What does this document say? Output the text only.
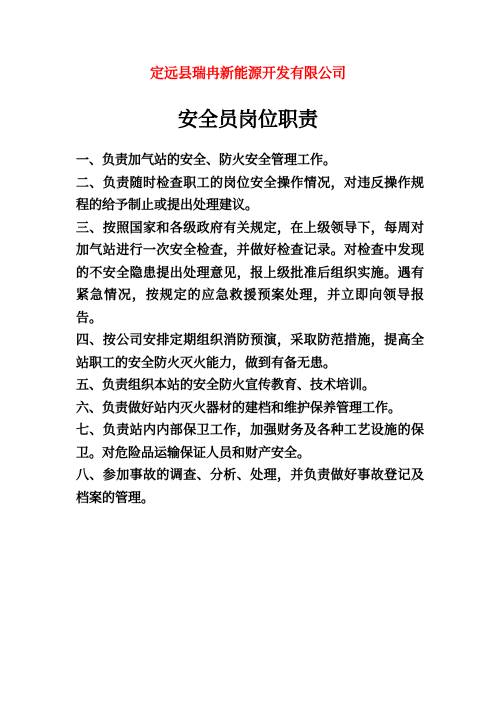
定远县瑞冉新能源开发有限公司
安全员岗位职责
一、负责加气站的安全、防火安全管理工作。
二、负责随时检查职工的岗位安全操作情况，对违反操作规程的给予制止或提出处理建议。
三、按照国家和各级政府有关规定，在上级领导下，每周对加气站进行一次安全检查，并做好检查记录。对检查中发现的不安全隐患提出处理意见，报上级批准后组织实施。遇有紧急情况，按规定的应急救援预案处理，并立即向领导报告。
四、按公司安排定期组织消防预演，采取防范措施，提高全站职工的安全防火灭火能力，做到有备无患。
五、负责组织本站的安全防火宣传教育、技术培训。
六、负责做好站内灭火器材的建档和维护保养管理工作。
七、负责站内内部保卫工作，加强财务及各种工艺设施的保卫。对危险品运输保证人员和财产安全。
八、参加事故的调查、分析、处理，并负责做好事故登记及档案的管理。
